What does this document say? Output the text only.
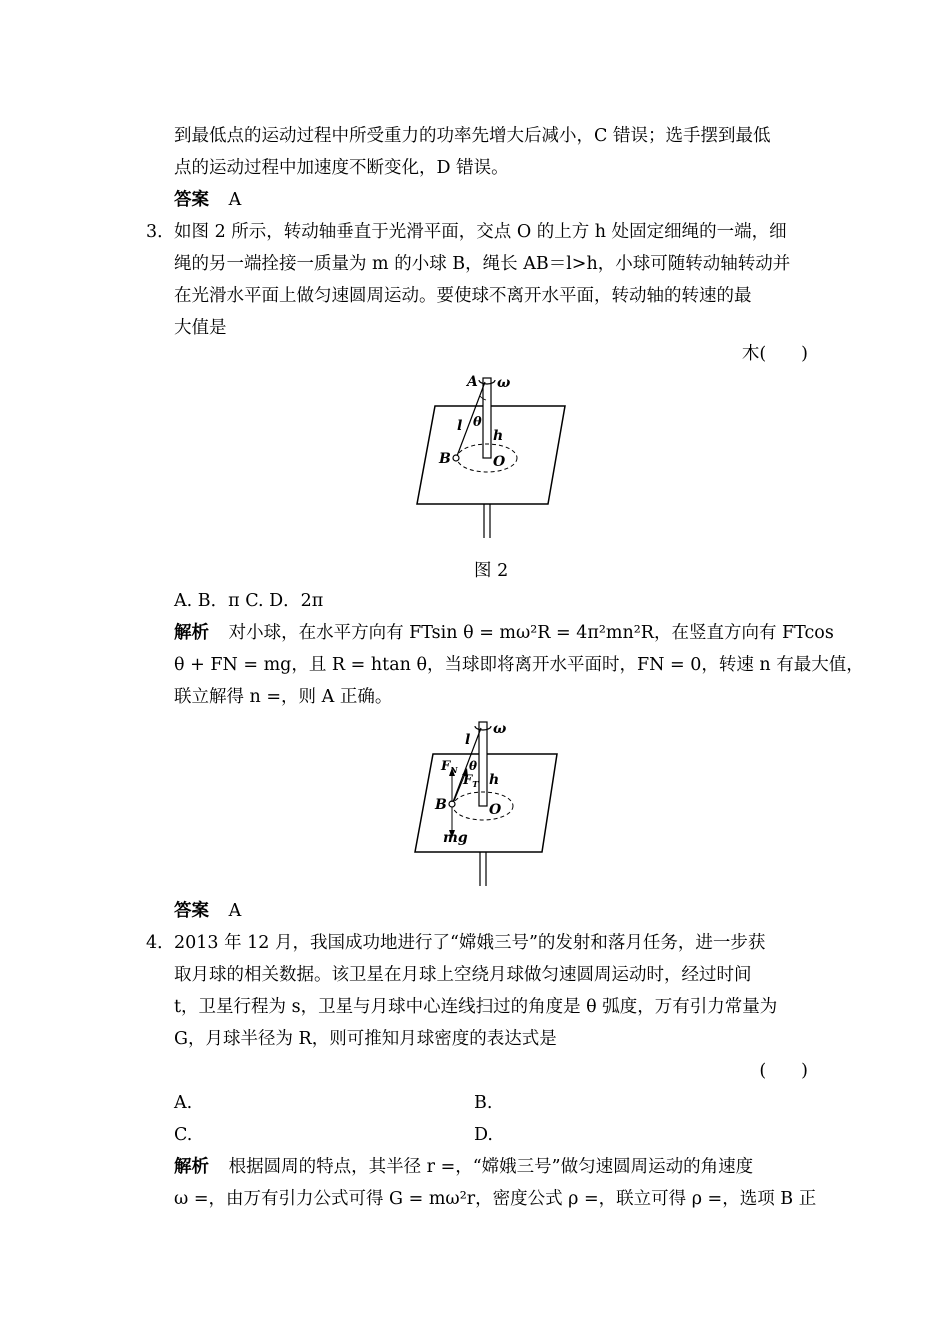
到最低点的运动过程中所受重力的功率先增大后减小，C 错误；选手摆到最低
点的运动过程中加速度不断变化，D 错误。
答案 A
3． 如图 2 所示，转动轴垂直于光滑平面，交点 O 的上方 h 处固定细绳的一端，细
绳的另一端拴接一质量为 m 的小球 B，绳长 AB＝l>h，小球可随转动轴转动并
在光滑水平面上做匀速圆周运动。要使球不离开水平面，转动轴的转速的最
大值是
木(　　)
A ω
l θ
h
B	O
图 2
A. B．π C. D．2π
解析 对小球，在水平方向有 FTsin θ = mω²R = 4π²mn²R，在竖直方向有 FTcos
θ + FN = mg，且 R = htan θ，当球即将离开水平面时，FN = 0，转速 n 有最大值，
联立解得 n =，则 A 正确。
l
ω
$F_N$ θ
$F_T$ h
B	O
mg
答案 A
4． 2013 年 12 月，我国成功地进行了“嫦娥三号”的发射和落月任务，进一步获
取月球的相关数据。该卫星在月球上空绕月球做匀速圆周运动时，经过时间
t，卫星行程为 s，卫星与月球中心连线扫过的角度是 θ 弧度，万有引力常量为
G，月球半径为 R，则可推知月球密度的表达式是
(　　)
A.	B.
C.	D.
解析 根据圆周的特点，其半径 r =，“嫦娥三号”做匀速圆周运动的角速度
ω =，由万有引力公式可得 G = mω²r，密度公式 ρ =，联立可得 ρ =，选项 B 正
